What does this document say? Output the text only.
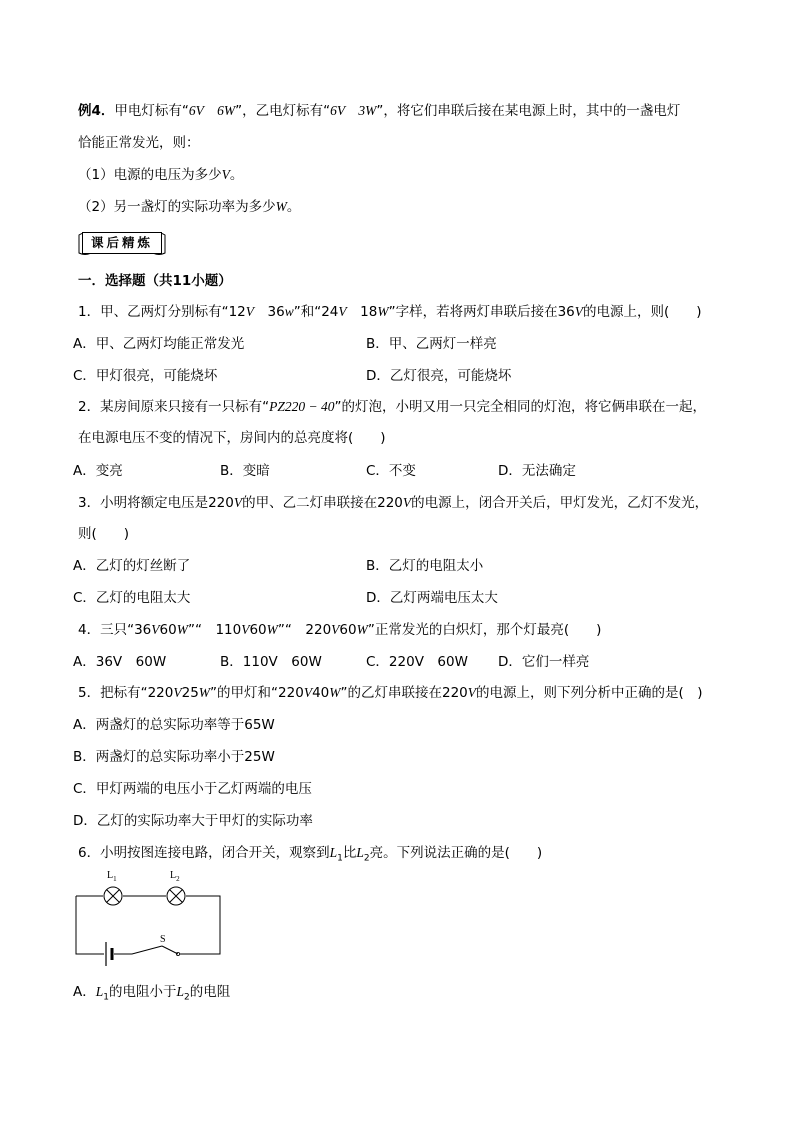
例4．甲电灯标有“6V　6W”，乙电灯标有“6V　3W”，将它们串联后接在某电源上时，其中的一盏电灯
恰能正常发光，则：
（1）电源的电压为多少V。
（2）另一盏灯的实际功率为多少W。
课后精炼
一．选择题（共11小题）
1．甲、乙两灯分别标有“12V　36w”和“24V　18W”字样，若将两灯串联后接在36V的电源上，则(　　)
A．甲、乙两灯均能正常发光	B．甲、乙两灯一样亮
C．甲灯很亮，可能烧坏	D．乙灯很亮，可能烧坏
2．某房间原来只接有一只标有“PZ220 − 40”的灯泡，小明又用一只完全相同的灯泡，将它俩串联在一起，
在电源电压不变的情况下，房间内的总亮度将(　　)
A．变亮	B．变暗	C．不变	D．无法确定
3．小明将额定电压是220V的甲、乙二灯串联接在220V的电源上，闭合开关后，甲灯发光，乙灯不发光，
则(　　)
A．乙灯的灯丝断了	B．乙灯的电阻太小
C．乙灯的电阻太大	D．乙灯两端电压太大
4．三只“36V60W”“　110V60W”“　220V60W”正常发光的白炽灯，那个灯最亮(　　)
A．36V　60W	B．110V　60W	C．220V　60W D．它们一样亮
5．把标有“220V25W”的甲灯和“220V40W”的乙灯串联接在220V的电源上，则下列分析中正确的是(　)
A．两盏灯的总实际功率等于65W
B．两盏灯的总实际功率小于25W
C．甲灯两端的电压小于乙灯两端的电压
D．乙灯的实际功率大于甲灯的实际功率
6．小明按图连接电路，闭合开关，观察到$L_1$比$L_2$亮。下列说法正确的是(　　)
$L_1$	$L_2$
S
A．$L_1$的电阻小于$L_2$的电阻
